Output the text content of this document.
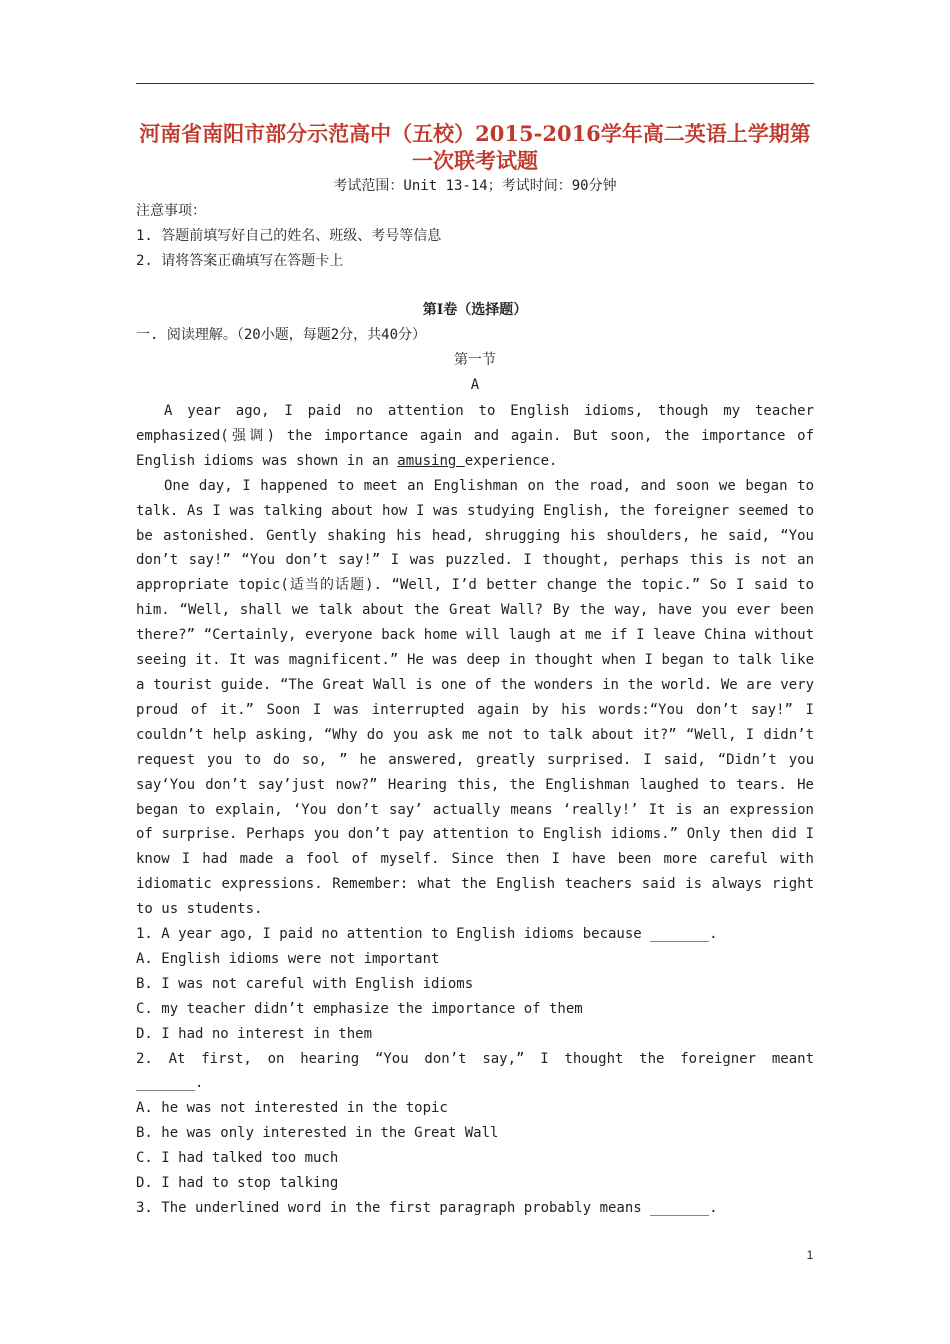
河南省南阳市部分示范高中（五校）2015-2016学年高二英语上学期第一次联考试题
考试范围：Unit 13-14；考试时间：90分钟

注意事项：

1. 答题前填写好自己的姓名、班级、考号等信息

2. 请将答案正确填写在答题卡上

第I卷（选择题）

一. 阅读理解。（20小题，每题2分，共40分）

第一节

A

A year ago, I paid no attention to English idioms, though my teacher emphasized(强调) the importance again and again. But soon, the importance of English idioms was shown in an amusing experience.

One day, I happened to meet an Englishman on the road, and soon we began to talk. As I was talking about how I was studying English, the foreigner seemed to be astonished. Gently shaking his head, shrugging his shoulders, he said, “You don’t say!” “You don’t say!” I was puzzled. I thought, perhaps this is not an appropriate topic(适当的话题). “Well, I’d better change the topic.” So I said to him. “Well, shall we talk about the Great Wall? By the way, have you ever been there?” “Certainly, everyone back home will laugh at me if I leave China without seeing it. It was magnificent.” He was deep in thought when I began to talk like a tourist guide. “The Great Wall is one of the wonders in the world. We are very proud of it.” Soon I was interrupted again by his words:“You don’t say!” I couldn’t help asking, “Why do you ask me not to talk about it?” “Well, I didn’t request you to do so, ” he answered, greatly surprised. I said, “Didn’t you say‘You don’t say’just now?” Hearing this, the Englishman laughed to tears. He began to explain, ‘You don’t say’ actually means ‘really!’ It is an expression of surprise. Perhaps you don’t pay attention to English idioms.” Only then did I know I had made a fool of myself. Since then I have been more careful with idiomatic expressions. Remember: what the English teachers said is always right to us students.

1. A year ago, I paid no attention to English idioms because _______.

A. English idioms were not important

B. I was not careful with English idioms

C. my teacher didn’t emphasize the importance of them

D. I had no interest in them

2. At first, on hearing “You don’t say,” I thought the foreigner meant

_______.

A. he was not interested in the topic

B. he was only interested in the Great Wall

C. I had talked too much

D. I had to stop talking

3. The underlined word in the first paragraph probably means _______.

1
